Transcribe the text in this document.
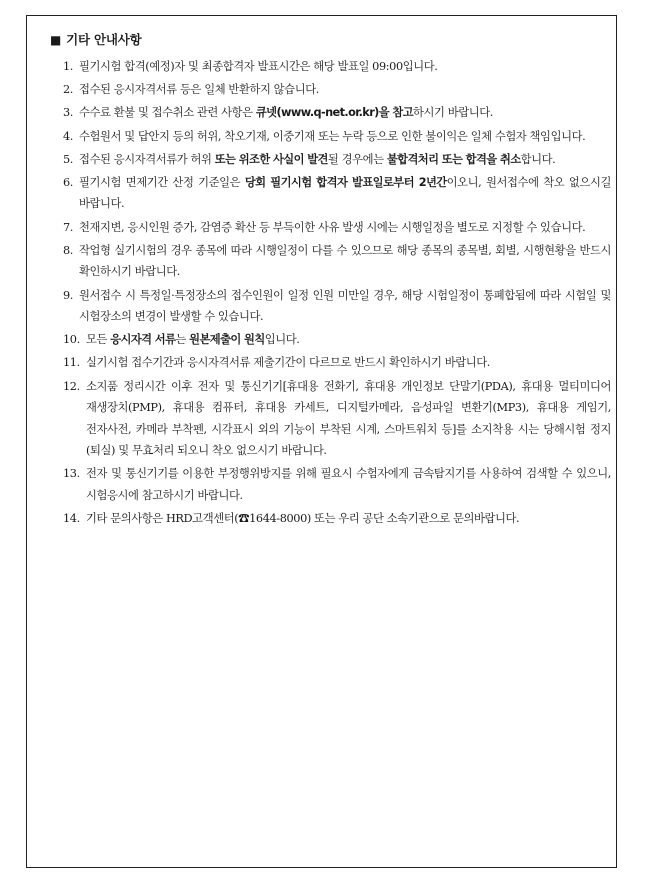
■ 기타 안내사항
1. 필기시험 합격(예정)자 및 최종합격자 발표시간은 해당 발표일 09:00입니다.
2. 접수된 응시자격서류 등은 일체 반환하지 않습니다.
3. 수수료 환불 및 접수취소 관련 사항은 큐넷(www.q-net.or.kr)을 참고하시기 바랍니다.
4. 수험원서 및 답안지 등의 허위, 착오기재, 이중기재 또는 누락 등으로 인한 불이익은 일체 수험자 책임입니다.
5. 접수된 응시자격서류가 허위 또는 위조한 사실이 발견될 경우에는 불합격처리 또는 합격을 취소합니다.
6. 필기시험 면제기간 산정 기준일은 당회 필기시험 합격자 발표일로부터 2년간이오니, 원서접수에 착오 없으시길 바랍니다.
7. 천재지변, 응시인원 증가, 감염증 확산 등 부득이한 사유 발생 시에는 시행일정을 별도로 지정할 수 있습니다.
8. 작업형 실기시험의 경우 종목에 따라 시행일정이 다를 수 있으므로 해당 종목의 종목별, 회별, 시행현황을 반드시 확인하시기 바랍니다.
9. 원서접수 시 특정일·특정장소의 접수인원이 일정 인원 미만일 경우, 해당 시험일정이 통폐합됨에 따라 시험일 및 시험장소의 변경이 발생할 수 있습니다.
10. 모든 응시자격 서류는 원본제출이 원칙입니다.
11. 실기시험 접수기간과 응시자격서류 제출기간이 다르므로 반드시 확인하시기 바랍니다.
12. 소지품 정리시간 이후 전자 및 통신기기[휴대용 전화기, 휴대용 개인정보 단말기(PDA), 휴대용 멀티미디어 재생장치(PMP), 휴대용 컴퓨터, 휴대용 카세트, 디지털카메라, 음성파일 변환기(MP3), 휴대용 게임기, 전자사전, 카메라 부착펜, 시각표시 외의 기능이 부착된 시계, 스마트워치 등]를 소지착용 시는 당해시험 정지(퇴실) 및 무효처리 되오니 착오 없으시기 바랍니다.
13. 전자 및 통신기기를 이용한 부정행위방지를 위해 필요시 수험자에게 금속탐지기를 사용하여 검색할 수 있으니, 시험응시에 참고하시기 바랍니다.
14. 기타 문의사항은 HRD고객센터(☎1644-8000) 또는 우리 공단 소속기관으로 문의바랍니다.
